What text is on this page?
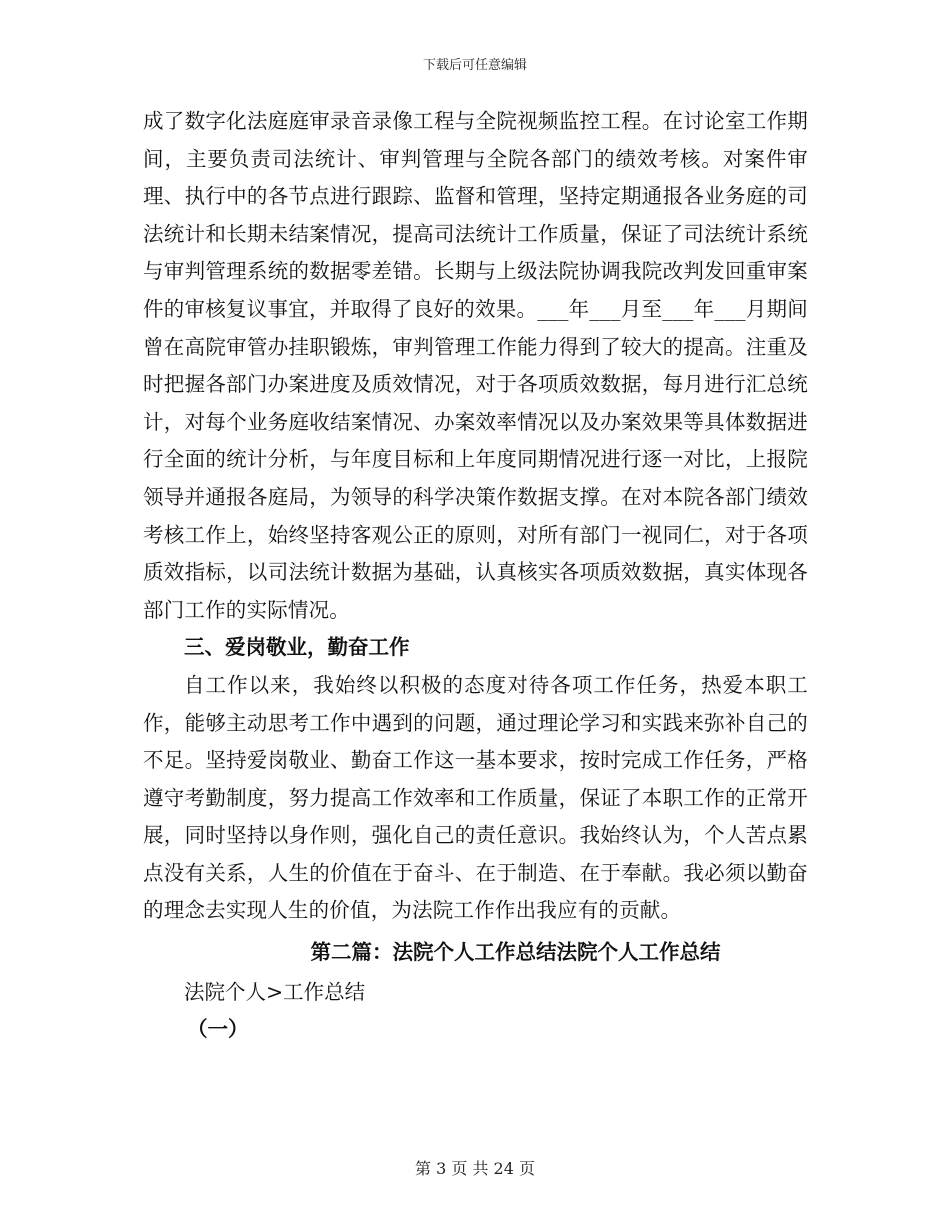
下载后可任意编辑

成了数字化法庭庭审录音录像工程与全院视频监控工程。在讨论室工作期间，主要负责司法统计、审判管理与全院各部门的绩效考核。对案件审理、执行中的各节点进行跟踪、监督和管理，坚持定期通报各业务庭的司法统计和长期未结案情况，提高司法统计工作质量，保证了司法统计系统与审判管理系统的数据零差错。长期与上级法院协调我院改判发回重审案件的审核复议事宜，并取得了良好的效果。___年___月至___年___月期间曾在高院审管办挂职锻炼，审判管理工作能力得到了较大的提高。注重及时把握各部门办案进度及质效情况，对于各项质效数据，每月进行汇总统计，对每个业务庭收结案情况、办案效率情况以及办案效果等具体数据进行全面的统计分析，与年度目标和上年度同期情况进行逐一对比，上报院领导并通报各庭局，为领导的科学决策作数据支撑。在对本院各部门绩效考核工作上，始终坚持客观公正的原则，对所有部门一视同仁，对于各项质效指标，以司法统计数据为基础，认真核实各项质效数据，真实体现各部门工作的实际情况。

三、爱岗敬业，勤奋工作

自工作以来，我始终以积极的态度对待各项工作任务，热爱本职工作，能够主动思考工作中遇到的问题，通过理论学习和实践来弥补自己的不足。坚持爱岗敬业、勤奋工作这一基本要求，按时完成工作任务，严格遵守考勤制度，努力提高工作效率和工作质量，保证了本职工作的正常开展，同时坚持以身作则，强化自己的责任意识。我始终认为，个人苦点累点没有关系，人生的价值在于奋斗、在于制造、在于奉献。我必须以勤奋的理念去实现人生的价值，为法院工作作出我应有的贡献。

第二篇：法院个人工作总结法院个人工作总结

法院个人>工作总结

（一）

第 3 页 共 24 页
